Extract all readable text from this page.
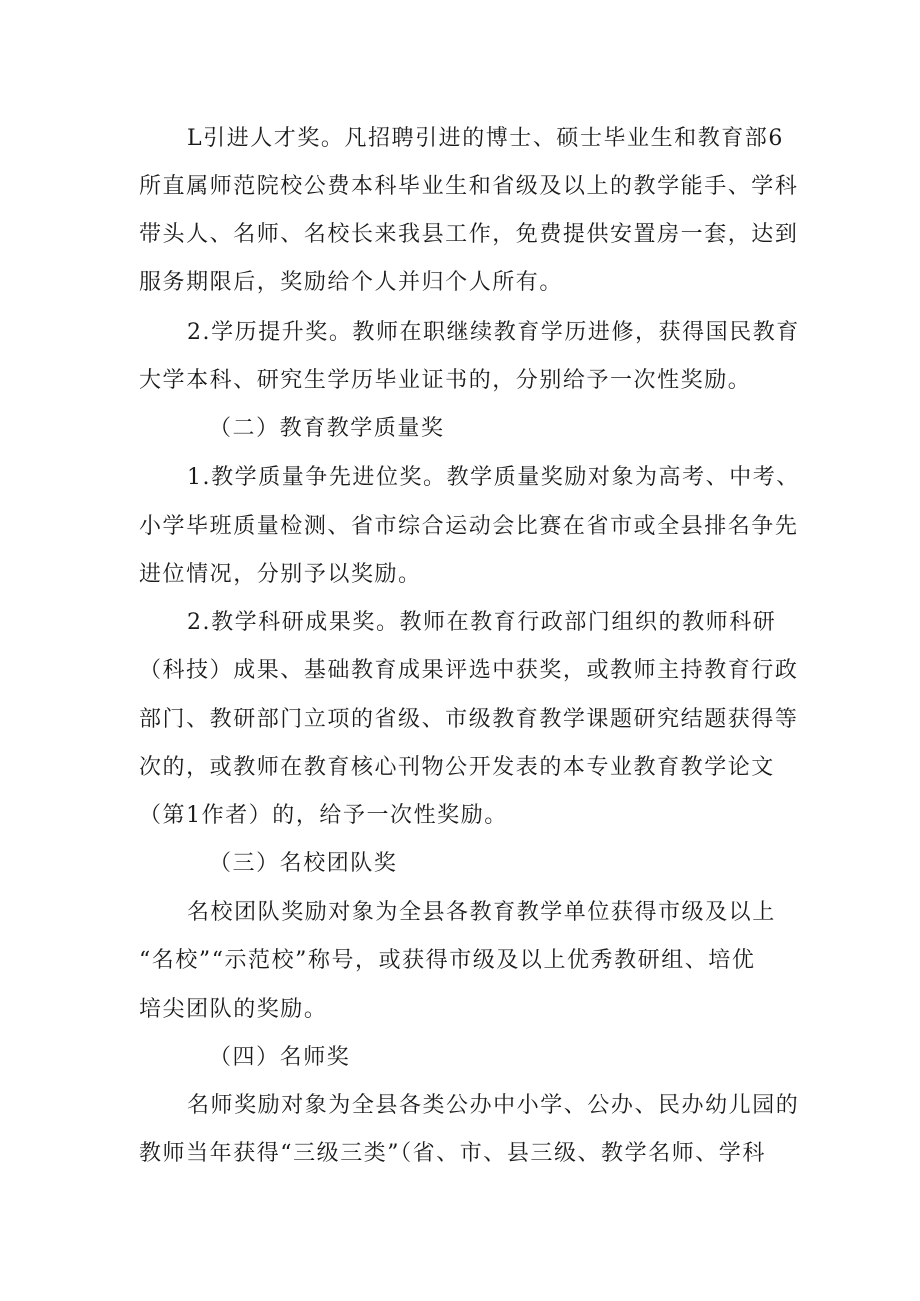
L引进人才奖。凡招聘引进的博士、硕士毕业生和教育部6

所直属师范院校公费本科毕业生和省级及以上的教学能手、学科

带头人、名师、名校长来我县工作，免费提供安置房一套，达到

服务期限后，奖励给个人并归个人所有。

2.学历提升奖。教师在职继续教育学历进修，获得国民教育

大学本科、研究生学历毕业证书的，分别给予一次性奖励。

（二）教育教学质量奖

1.教学质量争先进位奖。教学质量奖励对象为高考、中考、

小学毕班质量检测、省市综合运动会比赛在省市或全县排名争先

进位情况，分别予以奖励。

2.教学科研成果奖。教师在教育行政部门组织的教师科研

（科技）成果、基础教育成果评选中获奖，或教师主持教育行政

部门、教研部门立项的省级、市级教育教学课题研究结题获得等

次的，或教师在教育核心刊物公开发表的本专业教育教学论文

（第1作者）的，给予一次性奖励。

（三）名校团队奖

名校团队奖励对象为全县各教育教学单位获得市级及以上

“名校”“示范校”称号，或获得市级及以上优秀教研组、培优

培尖团队的奖励。

（四）名师奖

名师奖励对象为全县各类公办中小学、公办、民办幼儿园的

教师当年获得“三级三类”（省、市、县三级、教学名师、学科
